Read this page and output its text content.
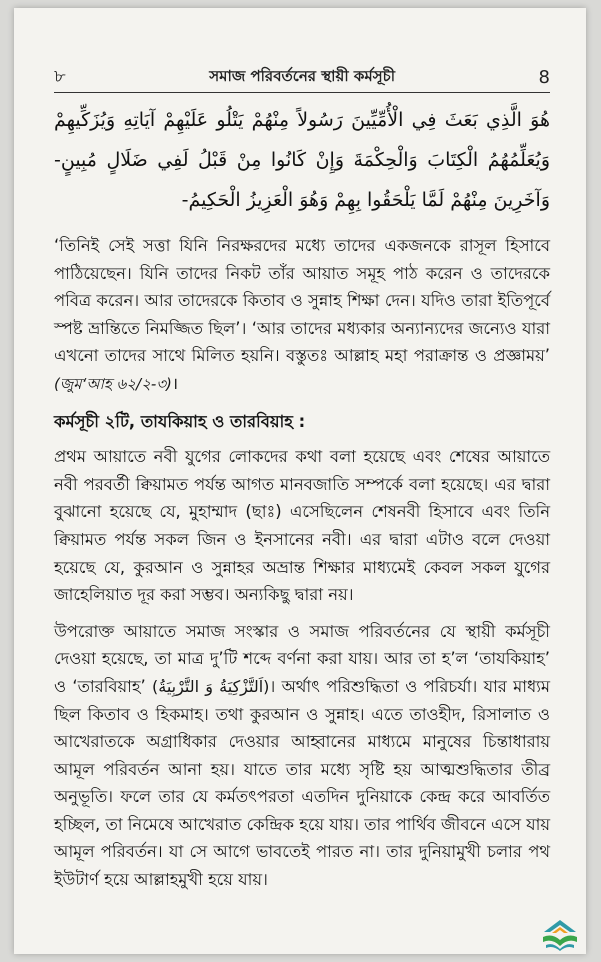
৮	সমাজ পরিবর্তনের স্থায়ী কর্মসূচী	8
هُوَ الَّذِي بَعَثَ فِي الْأُمِّيِّينَ رَسُولاً مِنْهُمْ يَتْلُو عَلَيْهِمْ آيَاتِهِ وَيُزَكِّيهِمْ وَيُعَلِّمُهُمُ الْكِتَابَ وَالْحِكْمَةَ وَإِنْ كَانُوا مِنْ قَبْلُ لَفِي ضَلَالٍ مُبِينٍ- وَآخَرِينَ مِنْهُمْ لَمَّا يَلْحَقُوا بِهِمْ وَهُوَ الْعَزِيزُ الْحَكِيمُ-

‘তিনিই সেই সত্তা যিনি নিরক্ষরদের মধ্যে তাদের একজনকে রাসূল হিসাবে পাঠিয়েছেন। যিনি তাদের নিকট তাঁর আয়াত সমূহ পাঠ করেন ও তাদেরকে পবিত্র করেন। আর তাদেরকে কিতাব ও সুন্নাহ শিক্ষা দেন। যদিও তারা ইতিপূর্বে স্পষ্ট ভ্রান্তিতে নিমজ্জিত ছিল’। ‘আর তাদের মধ্যকার অন্যান্যদের জন্যেও যারা এখনো তাদের সাথে মিলিত হয়নি। বস্তুতঃ আল্লাহ মহা পরাক্রান্ত ও প্রজ্ঞাময়’ (জুম‘আহ ৬২/২-৩)।

কর্মসূচী ২টি, তাযকিয়াহ ও তারবিয়াহ :

প্রথম আয়াতে নবী যুগের লোকদের কথা বলা হয়েছে এবং শেষের আয়াতে নবী পরবর্তী ক্বিয়ামত পর্যন্ত আগত মানবজাতি সম্পর্কে বলা হয়েছে। এর দ্বারা বুঝানো হয়েছে যে, মুহাম্মাদ (ছাঃ) এসেছিলেন শেষনবী হিসাবে এবং তিনি ক্বিয়ামত পর্যন্ত সকল জিন ও ইনসানের নবী। এর দ্বারা এটাও বলে দেওয়া হয়েছে যে, কুরআন ও সুন্নাহর অভ্রান্ত শিক্ষার মাধ্যমেই কেবল সকল যুগের জাহেলিয়াত দূর করা সম্ভব। অন্যকিছু দ্বারা নয়।

উপরোক্ত আয়াতে সমাজ সংস্কার ও সমাজ পরিবর্তনের যে স্থায়ী কর্মসূচী দেওয়া হয়েছে, তা মাত্র দু’টি শব্দে বর্ণনা করা যায়। আর তা হ’ল ‘তাযকিয়াহ’ ও ‘তারবিয়াহ’ (اَلتَّزْكِيَةُ وَ التَّرْبِيَةُ)। অর্থাৎ পরিশুদ্ধিতা ও পরিচর্যা। যার মাধ্যম ছিল কিতাব ও হিকমাহ। তথা কুরআন ও সুন্নাহ। এতে তাওহীদ, রিসালাত ও আখেরাতকে অগ্রাধিকার দেওয়ার আহ্বানের মাধ্যমে মানুষের চিন্তাধারায় আমূল পরিবর্তন আনা হয়। যাতে তার মধ্যে সৃষ্টি হয় আত্মশুদ্ধিতার তীব্র অনুভূতি। ফলে তার যে কর্মতৎপরতা এতদিন দুনিয়াকে কেন্দ্র করে আবর্তিত হচ্ছিল, তা নিমেষে আখেরাত কেন্দ্রিক হয়ে যায়। তার পার্থিব জীবনে এসে যায় আমূল পরিবর্তন। যা সে আগে ভাবতেই পারত না। তার দুনিয়ামুখী চলার পথ ইউটার্ণ হয়ে আল্লাহমুখী হয়ে যায়।
